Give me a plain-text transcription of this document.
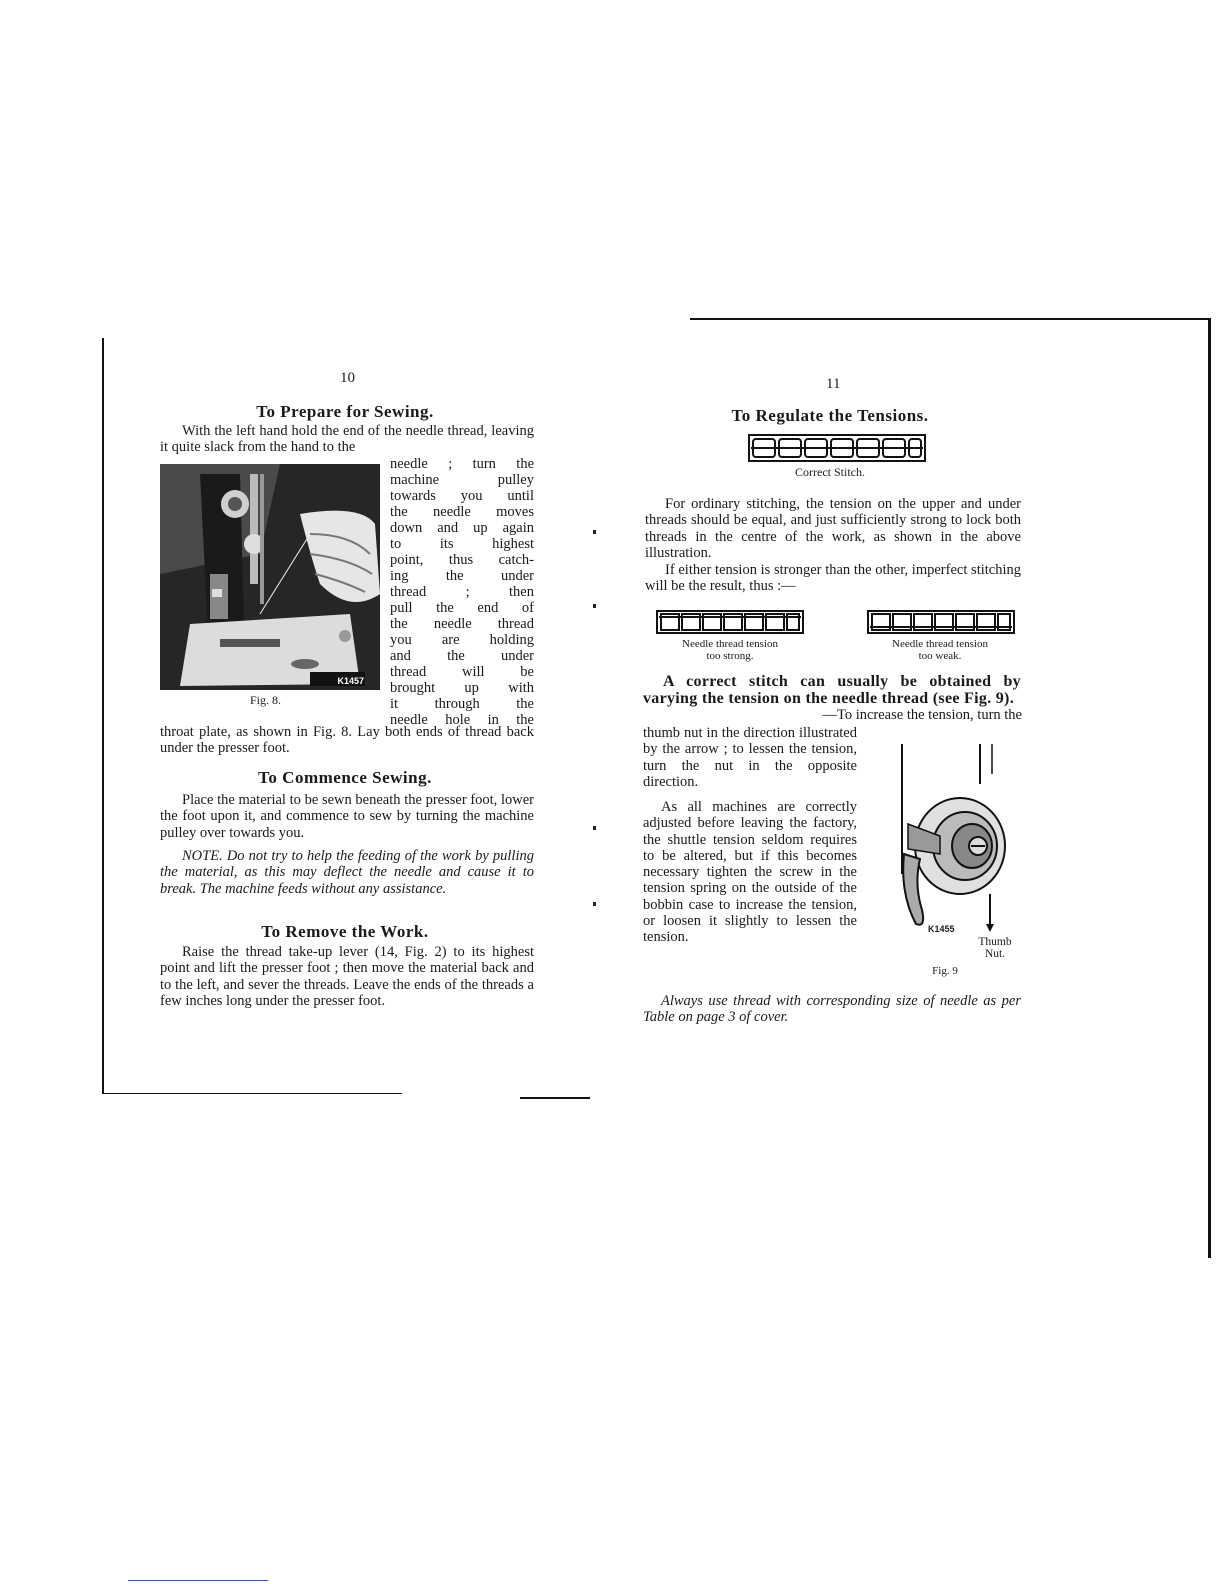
10
To Prepare for Sewing.
With the left hand hold the end of the needle thread, leaving it quite slack from the hand to the
K1457
Fig. 8.
needle ; turn the
machine pulley
towards you until
the needle moves
down and up again
to its highest
point, thus catch-
ing the under
thread ; then
pull the end of
the needle thread
you are holding
and the under
thread will be
brought up with
it through the
needle hole in the
throat plate, as shown in Fig. 8. Lay both ends of thread back under the presser foot.
To Commence Sewing.
Place the material to be sewn beneath the presser foot, lower the foot upon it, and commence to sew by turning the machine pulley over towards you.
NOTE. Do not try to help the feeding of the work by pulling the material, as this may deflect the needle and cause it to break. The machine feeds without any assistance.
To Remove the Work.
Raise the thread take-up lever (14, Fig. 2) to its highest point and lift the presser foot ; then move the material back and to the left, and sever the threads. Leave the ends of the threads a few inches long under the presser foot.
11
To Regulate the Tensions.
Correct Stitch.
For ordinary stitching, the tension on the upper and under threads should be equal, and just sufficiently strong to lock both threads in the centre of the work, as shown in the above illustration.
If either tension is stronger than the other, imperfect stitching will be the result, thus :—
Needle thread tension
too strong.
Needle thread tension
too weak.
A correct stitch can usually be obtained by varying the tension on the needle thread (see Fig. 9).
—To increase the tension, turn the
thumb nut in the direction illustrated by the arrow ; to lessen the tension, turn the nut in the opposite direction.
As all machines are correctly adjusted before leaving the factory, the shuttle tension seldom requires to be altered, but if this becomes necessary tighten the screw in the tension spring on the outside of the bobbin case to increase the tension, or loosen it slightly to lessen the tension.
K1455
Thumb
Nut.
Fig. 9
Always use thread with corresponding size of needle as per Table on page 3 of cover.
